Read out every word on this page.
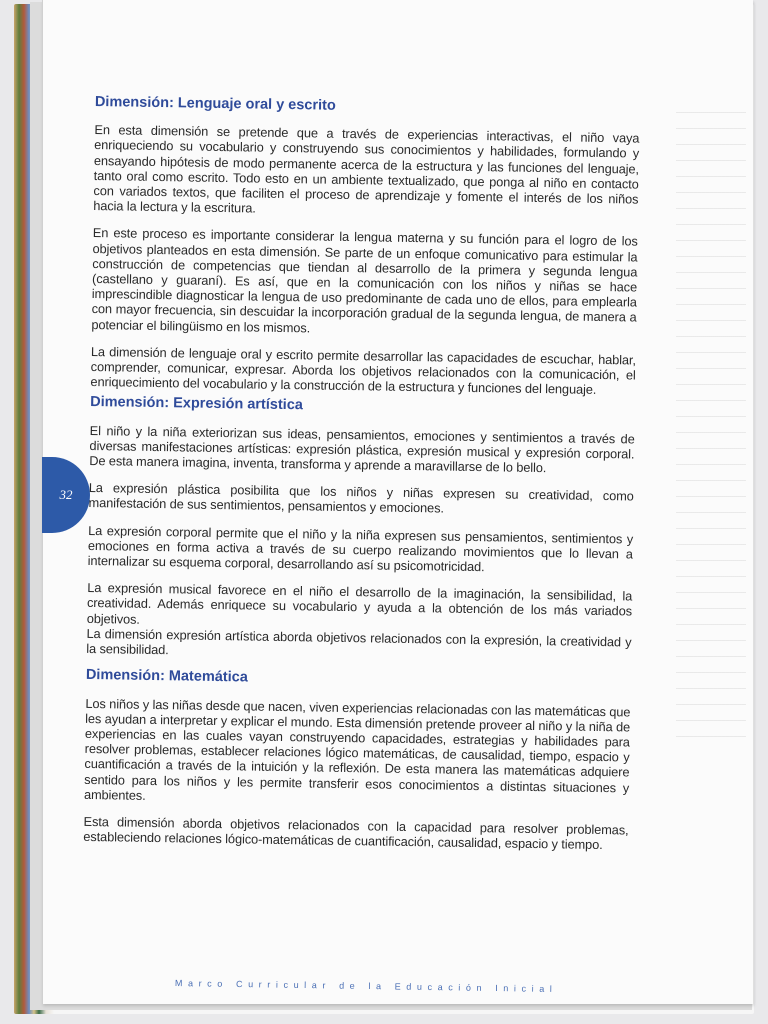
32
Dimensión: Lenguaje oral y escrito

En esta dimensión se pretende que a través de experiencias interactivas, el niño vaya enriqueciendo su vocabulario y construyendo sus conocimientos y habilidades, formulando y ensayando hipótesis de modo permanente acerca de la estructura y las funciones del lenguaje, tanto oral como escrito. Todo esto en un ambiente textualizado, que ponga al niño en contacto con variados textos, que faciliten el proceso de aprendizaje y fomente el interés de los niños hacia la lectura y la escritura.

En este proceso es importante considerar la lengua materna y su función para el logro de los objetivos planteados en esta dimensión. Se parte de un enfoque comunicativo para estimular la construcción de competencias que tiendan al desarrollo de la primera y segunda lengua (castellano y guaraní). Es así, que en la comunicación con los niños y niñas se hace imprescindible diagnosticar la lengua de uso predominante de cada uno de ellos, para emplearla con mayor frecuencia, sin descuidar la incorporación gradual de la segunda lengua, de manera a potenciar el bilingüismo en los mismos.

La dimensión de lenguaje oral y escrito permite desarrollar las capacidades de escuchar, hablar, comprender, comunicar, expresar. Aborda los objetivos relacionados con la comunicación, el enriquecimiento del vocabulario y la construcción de la estructura y funciones del lenguaje.

Dimensión: Expresión artística

El niño y la niña exteriorizan sus ideas, pensamientos, emociones y sentimientos a través de diversas manifestaciones artísticas: expresión plástica, expresión musical y expresión corporal. De esta manera imagina, inventa, transforma y aprende a maravillarse de lo bello.

La expresión plástica posibilita que los niños y niñas expresen su creatividad, como manifestación de sus sentimientos, pensamientos y emociones.

La expresión corporal permite que el niño y la niña expresen sus pensamientos, sentimientos y emociones en forma activa a través de su cuerpo realizando movimientos que lo llevan a internalizar su esquema corporal, desarrollando así su psicomotricidad.

La expresión musical favorece en el niño el desarrollo de la imaginación, la sensibilidad, la creatividad. Además enriquece su vocabulario y ayuda a la obtención de los más variados objetivos.

La dimensión expresión artística aborda objetivos relacionados con la expresión, la creatividad y la sensibilidad.

Dimensión: Matemática

Los niños y las niñas desde que nacen, viven experiencias relacionadas con las matemáticas que les ayudan a interpretar y explicar el mundo. Esta dimensión pretende proveer al niño y la niña de experiencias en las cuales vayan construyendo capacidades, estrategias y habilidades para resolver problemas, establecer relaciones lógico matemáticas, de causalidad, tiempo, espacio y cuantificación a través de la intuición y la reflexión. De esta manera las matemáticas adquiere sentido para los niños y les permite transferir esos conocimientos a distintas situaciones y ambientes.

Esta dimensión aborda objetivos relacionados con la capacidad para resolver problemas, estableciendo relaciones lógico-matemáticas de cuantificación, causalidad, espacio y tiempo.

Marco Curricular de la Educación Inicial
